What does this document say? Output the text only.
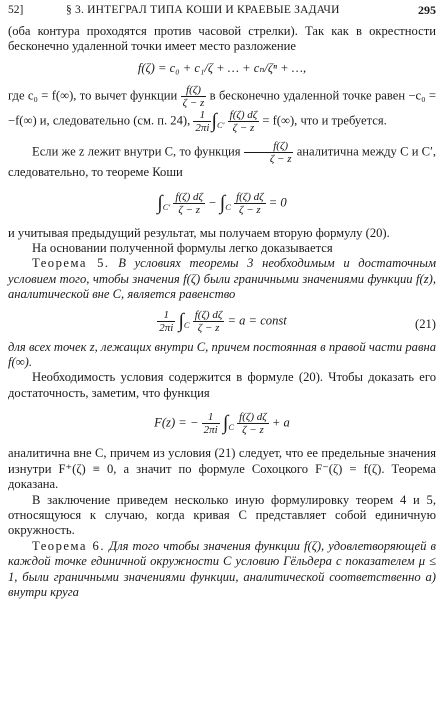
52]	§ 3. ИНТЕГРАЛ ТИПА КОШИ И КРАЕВЫЕ ЗАДАЧИ	295

(оба контура проходятся против часовой стрелки). Так как в окрестности бесконечно удаленной точки имеет место разложение

f(ζ) = c₀ + c₁/ζ + … + cₙ/ζⁿ + …,

где c₀ = f(∞), то вычет функции $\frac{f(\zeta)}{\zeta - z}$ в бесконечно удаленной точке равен −c₀ = −f(∞) и, следовательно (см. п. 24), $\frac{1}{2\pi i} \int_{C'} \frac{f(\zeta) d\zeta}{\zeta - z} = f(\infty)$, что и требуется.

Если же z лежит внутри C, то функция $\frac{f(\zeta)}{\zeta - z}$ аналитична между C и C′, следовательно, то теореме Коши

$\int_{C'} \frac{f(\zeta) d\zeta}{\zeta - z} - \int_C \frac{f(\zeta) d\zeta}{\zeta - z} = 0$

и учитывая предыдущий результат, мы получаем вторую формулу (20).

На основании полученной формулы легко доказывается

Теорема 5. В условиях теоремы 3 необходимым и достаточным условием того, чтобы значения f(ζ) были граничными значениями функции f(z), аналитической вне C, является равенство

$\frac{1}{2\pi i} \int_C \frac{f(\zeta) d\zeta}{\zeta - z} = a$ = const	(21)

для всех точек z, лежащих внутри C, причем постоянная в правой части равна f(∞).

Необходимость условия содержится в формуле (20). Чтобы доказать его достаточность, заметим, что функция

F(z) = − $\frac{1}{2\pi i} \int_C \frac{f(\zeta) d\zeta}{\zeta - z} + a$

аналитична вне C, причем из условия (21) следует, что ее предельные значения изнутри F⁺(ζ) ≡ 0, а значит по формуле Сохоцкого F⁻(ζ) = f(ζ). Теорема доказана.

В заключение приведем несколько иную формулировку теорем 4 и 5, относящуюся к случаю, когда кривая C представляет собой единичную окружность.

Теорема 6. Для того чтобы значения функции f(ζ), удовлетворяющей в каждой точке единичной окружности C условию Гёльдера с показателем μ ≤ 1, были граничными значениями функции, аналитической соответственно а) внутри круга
